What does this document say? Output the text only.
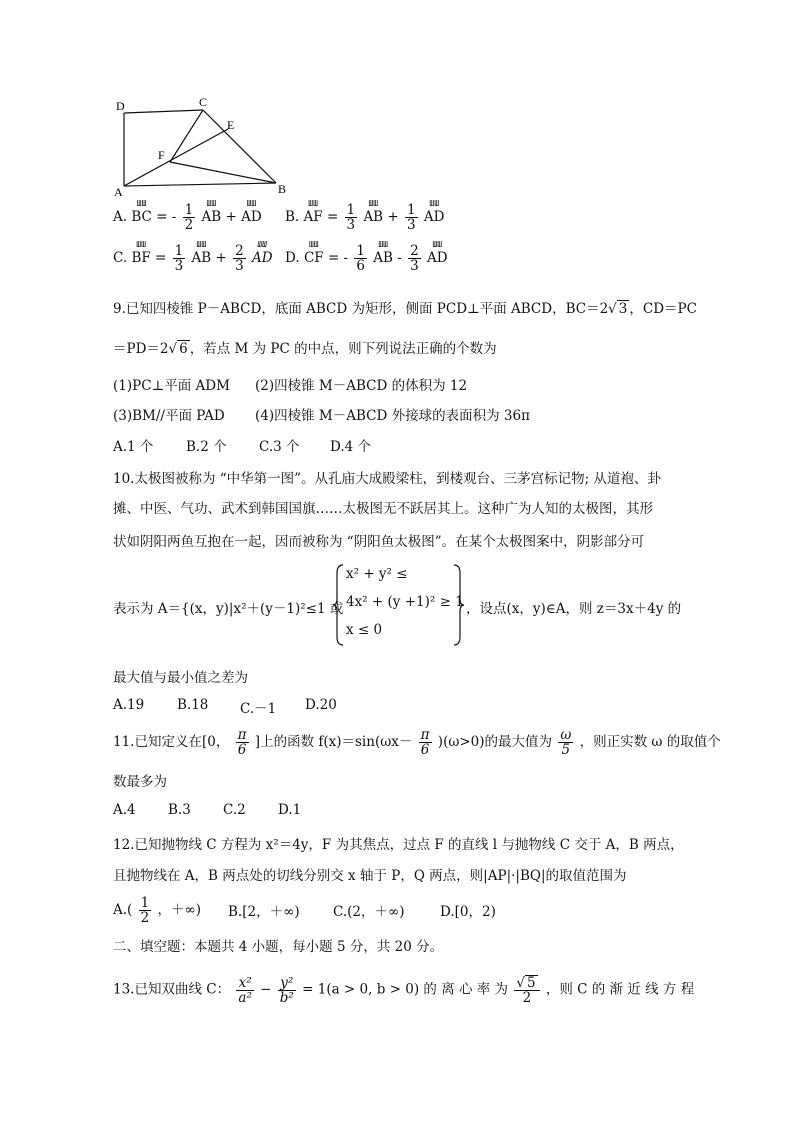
D	C
E
F
A	B
A.
ШШ
BC = - $\frac{1}{2}$
	ШШ
AB +
ШШ
AD B.
ШШ
AF = $\frac{1}{3}$
	ШШ
AB + $\frac{1}{3}$
	ШШ
AD
C.
ШШ
BF = $\frac{1}{3}$
	ШШ
AB + $\frac{2}{3}$
	ШШ
AD D.
ШШ
CF = - $\frac{1}{6}$
	ШШ
AB - $\frac{2}{3}$
	ШШ
AD
9.已知四棱锥 P－ABCD，底面 ABCD 为矩形，侧面 PCD⊥平面 ABCD，BC＝2√ 3 ，CD＝PC
＝PD＝2√ 6 ，若点 M 为 PC 的中点，则下列说法正确的个数为
(1)PC⊥平面 ADM (2)四棱锥 M－ABCD 的体积为 12
(3)BM//平面 PAD (4)四棱锥 M－ABCD 外接球的表面积为 36π
A.1 个 B.2 个 C.3 个 D.4 个
10.太极图被称为 “中华第一图”。从孔庙大成殿梁柱，到楼观台、三茅宫标记物; 从道袍、卦
摊、中医、气功、武术到韩国国旗……太极图无不跃居其上。这种广为人知的太极图，其形
状如阴阳两鱼互抱在一起，因而被称为 “阴阳鱼太极图”。在某个太极图案中，阴影部分可
表示为 A＝{(x，y)|x²＋(y－1)²≤1 或
x² + y² ≤
4x² + (y +1)² ≥ 1
x ≤ 0
，设点(x，y)∈A，则 z＝3x＋4y 的
最大值与最小值之差为
A.19 B.18 C.－1 D.20
11.已知定义在[0， $\frac{\pi}{6}$ ]上的函数 $f(x)=\sin(\omega x- \frac{\pi}{6} )(\omega>0)$的最大值为 $\frac{\omega}{5}$ ，则正实数 ω 的取值个
数最多为
A.4 B.3 C.2 D.1
12.已知抛物线 C 方程为 x²＝4y，F 为其焦点，过点 F 的直线 l 与抛物线 C 交于 A，B 两点，
且抛物线在 A，B 两点处的切线分别交 x 轴于 P，Q 两点，则|AP|·|BQ|的取值范围为
$A.( \frac{1}{2}$ ，＋∞) B.[2，＋∞) C.(2，＋∞)	D.[0，2)
二、填空题：本题共 4 小题，每小题 5 分，共 20 分。
13.已知双曲线 C： $\frac{\text{x²}}{\text{a²}} - \frac{\text{y²}}{\text{b²}} = 1(a > 0$, b > 0) 的 离 心 率 为 $\frac{√ 5}{2}$ ，则 C 的 渐 近 线 方 程
